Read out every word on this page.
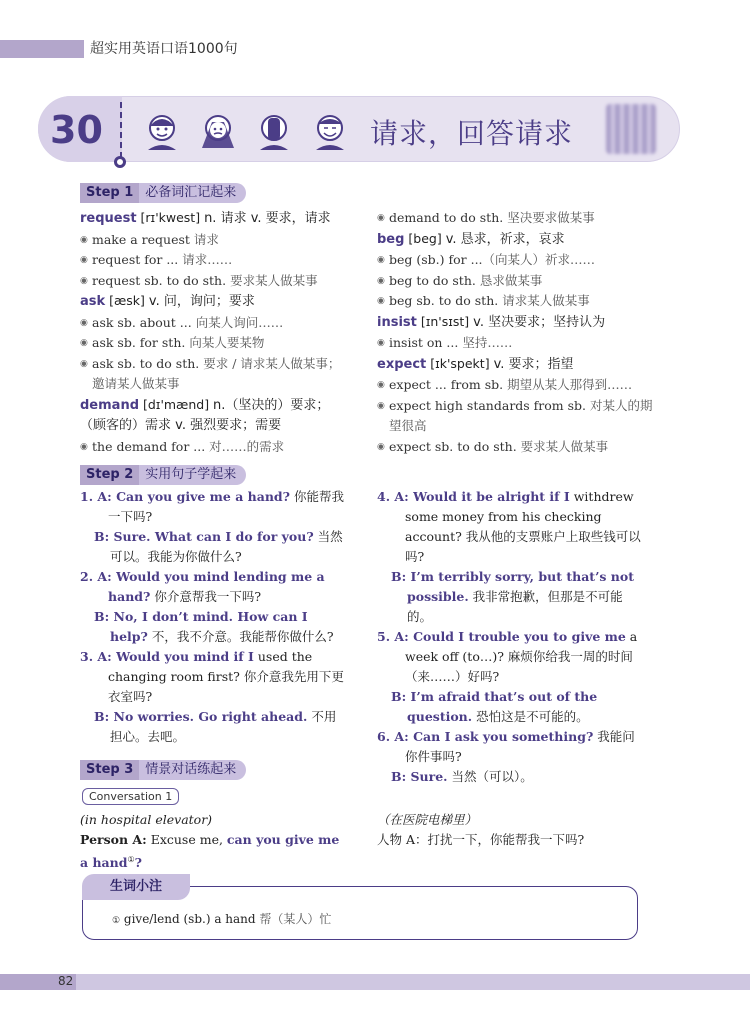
超实用英语口语1000句
30	请求，回答请求
Step 1 必备词汇记起来
request [rɪ'kwest] n. 请求 v. 要求，请求
◉ make a request 请求
◉ request for ... 请求……
◉ request sb. to do sth. 要求某人做某事
ask [æsk] v. 问，询问；要求
◉ ask sb. about ... 向某人询问……
◉ ask sb. for sth. 向某人要某物
◉ ask sb. to do sth. 要求 / 请求某人做某事；
邀请某人做某事
demand [dɪ'mænd] n.（坚决的）要求；
（顾客的）需求 v. 强烈要求；需要
◉ the demand for ... 对……的需求
◉ demand to do sth. 坚决要求做某事
beg [beg] v. 恳求，祈求，哀求
◉ beg (sb.) for ...（向某人）祈求……
◉ beg to do sth. 恳求做某事
◉ beg sb. to do sth. 请求某人做某事
insist [ɪn'sɪst] v. 坚决要求；坚持认为
◉ insist on ... 坚持……
expect [ɪk'spekt] v. 要求；指望
◉ expect ... from sb. 期望从某人那得到……
◉ expect high standards from sb. 对某人的期
望很高
◉ expect sb. to do sth. 要求某人做某事
Step 2 实用句子学起来
1. A: Can you give me a hand? 你能帮我一下吗?
B: Sure. What can I do for you? 当然可以。我能为你做什么?
2. A: Would you mind lending me a hand? 你介意帮我一下吗?
B: No, I don’t mind. How can I help? 不，我不介意。我能帮你做什么?
3. A: Would you mind if I used the changing room first? 你介意我先用下更衣室吗?
B: No worries. Go right ahead. 不用担心。去吧。
4. A: Would it be alright if I withdrew some money from his checking account? 我从他的支票账户上取些钱可以吗?
B: I’m terribly sorry, but that’s not possible. 我非常抱歉，但那是不可能的。
5. A: Could I trouble you to give me a week off (to…)? 麻烦你给我一周的时间（来……）好吗?
B: I’m afraid that’s out of the question. 恐怕这是不可能的。
6. A: Can I ask you something? 我能问你件事吗?
B: Sure. 当然（可以）。
Step 3 情景对话练起来
Conversation 1
(in hospital elevator)
Person A: Excuse me, can you give me a hand①?
（在医院电梯里）
人物 A：打扰一下，你能帮我一下吗?
生词小注
① give/lend (sb.) a hand 帮（某人）忙
82
